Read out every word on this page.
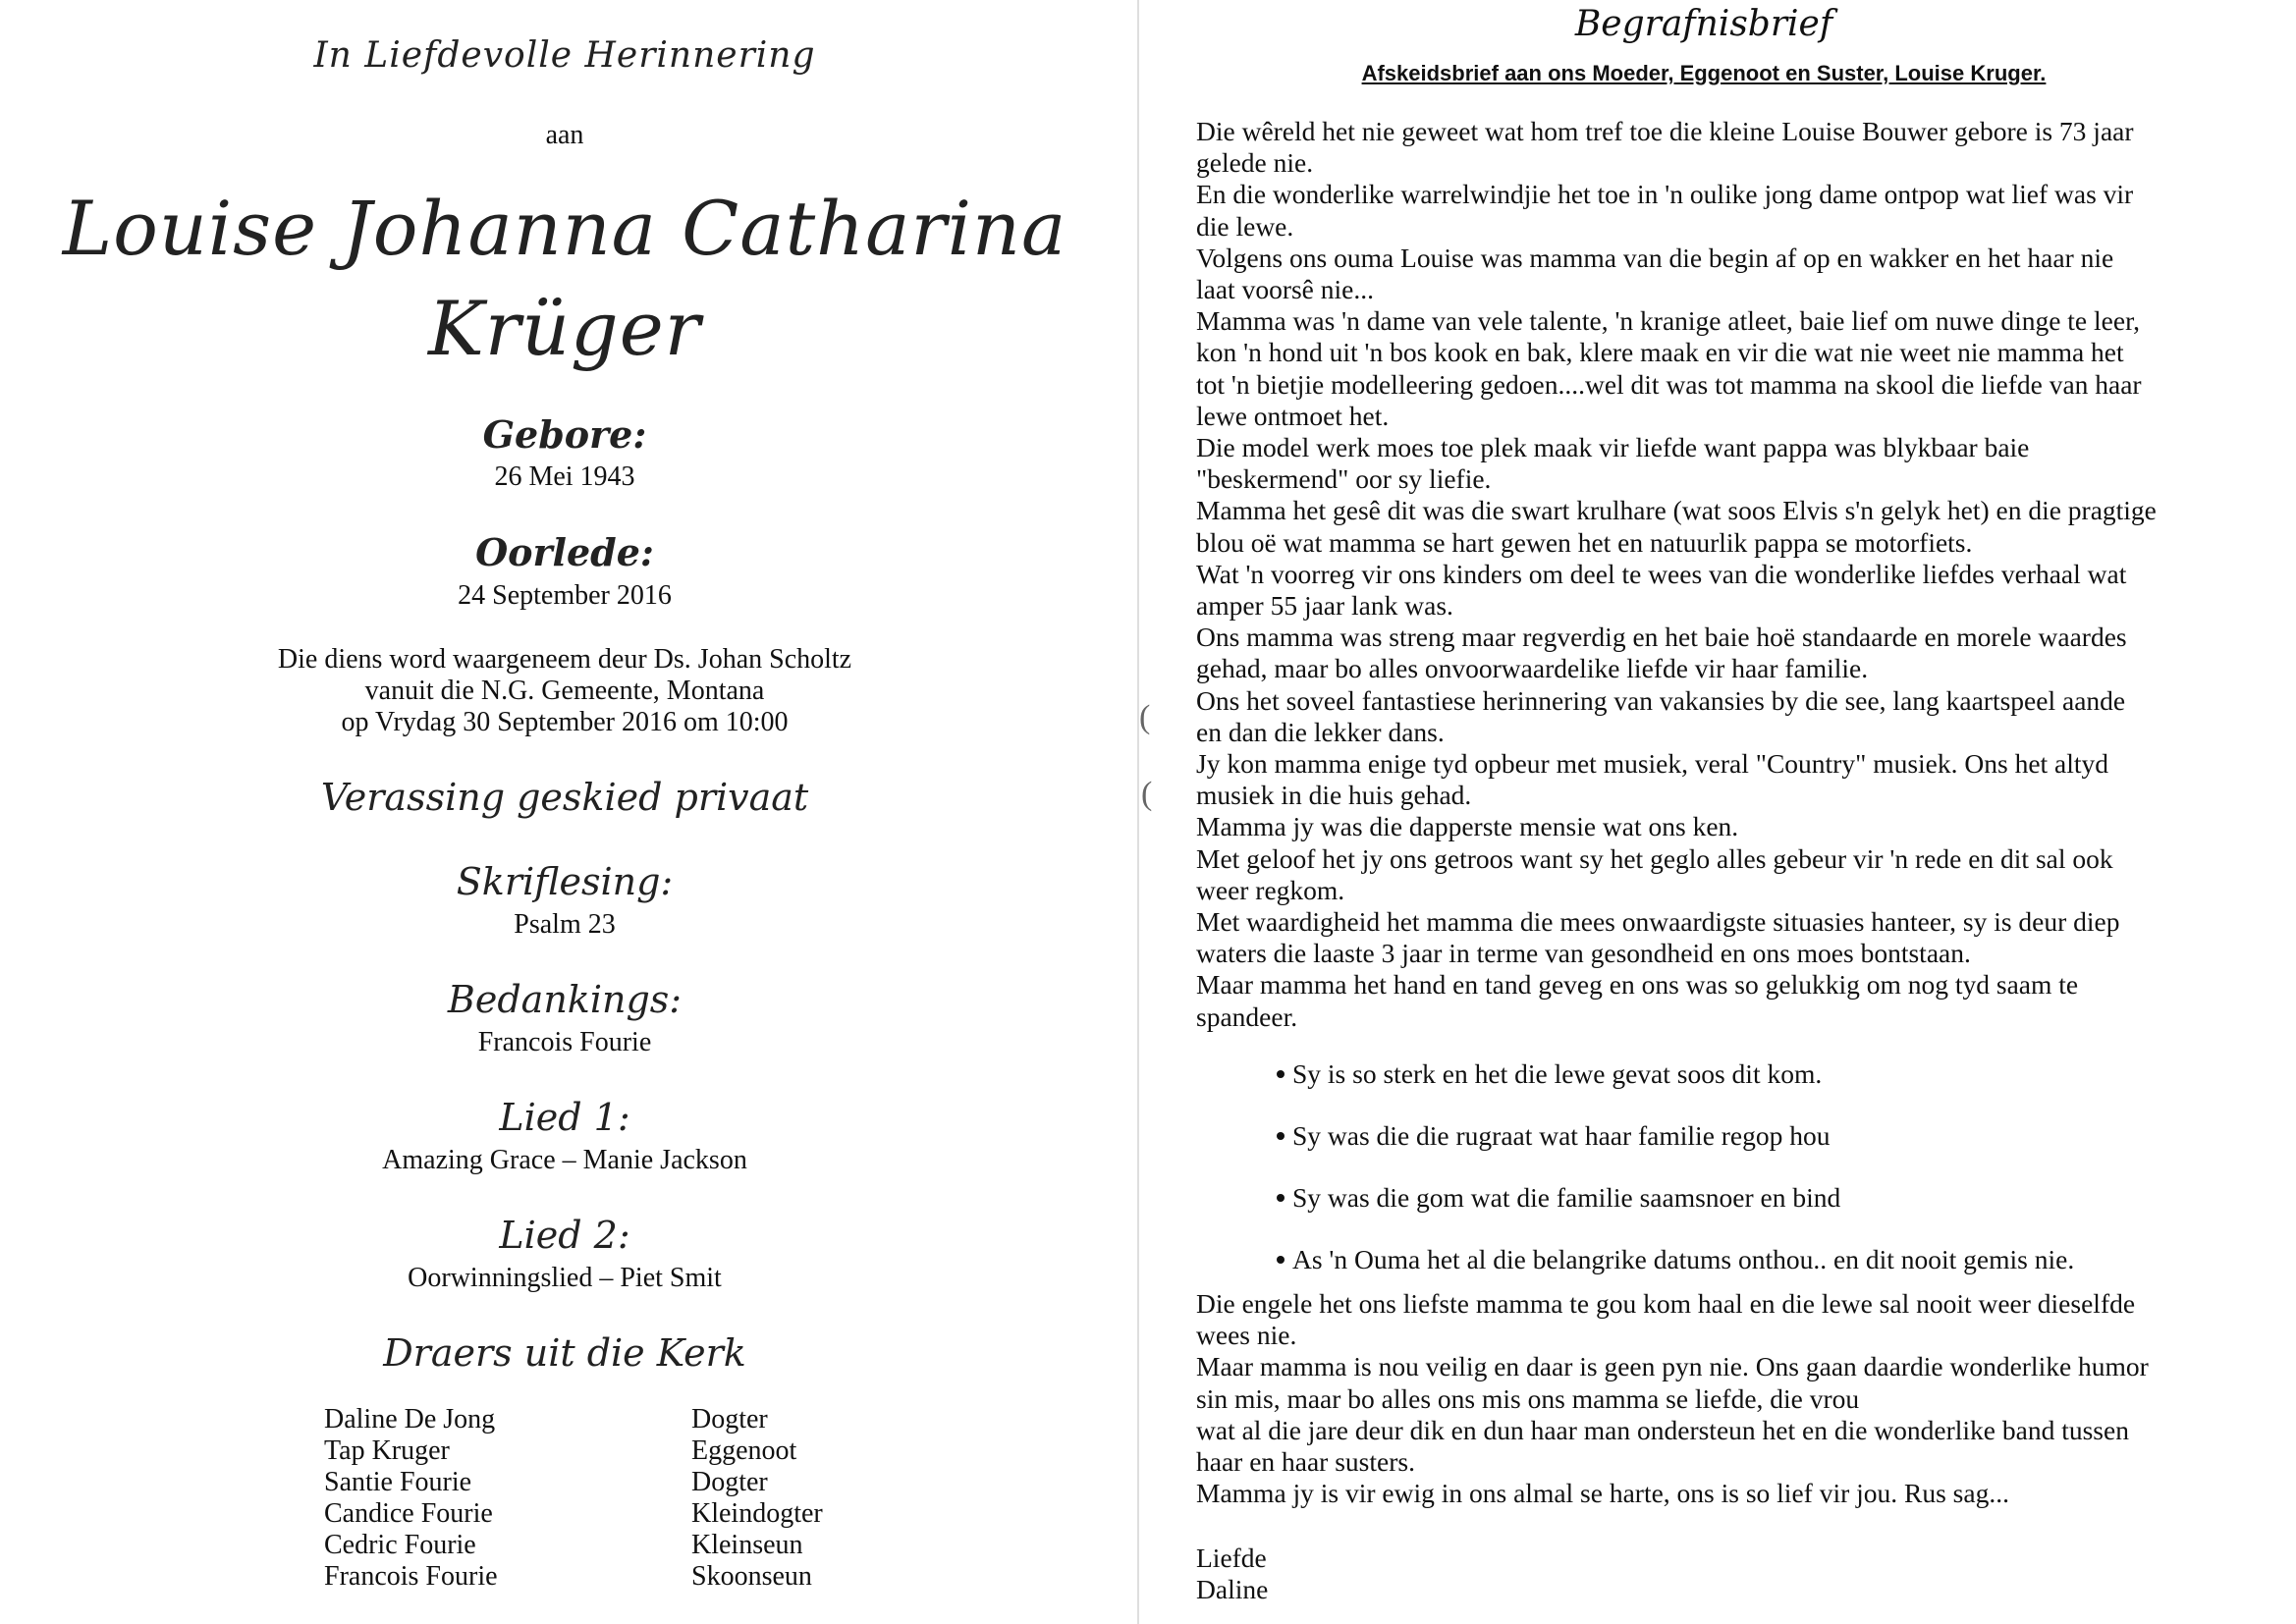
In Liefdevolle Herinnering
aan
Louise Johanna Catharina
Krüger
Gebore:
26 Mei 1943
Oorlede:
24 September 2016
Die diens word waargeneem deur Ds. Johan Scholtz
vanuit die N.G. Gemeente, Montana
op Vrydag 30 September 2016 om 10:00
Verassing geskied privaat
Skriflesing:
Psalm 23
Bedankings:
Francois Fourie
Lied 1:
Amazing Grace – Manie Jackson
Lied 2:
Oorwinningslied – Piet Smit
Draers uit die Kerk
Daline De Jong	Dogter
Tap Kruger	Eggenoot
Santie Fourie	Dogter
Candice Fourie	Kleindogter
Cedric Fourie	Kleinseun
Francois Fourie	Skoonseun
Begrafnisbrief
Afskeidsbrief aan ons Moeder, Eggenoot en Suster, Louise Kruger.

Die wêreld het nie geweet wat hom tref toe die kleine Louise Bouwer gebore is 73 jaar

gelede nie.

En die wonderlike warrelwindjie het toe in 'n oulike jong dame ontpop wat lief was vir

die lewe.

Volgens ons ouma Louise was mamma van die begin af op en wakker en het haar nie

laat voorsê nie...

Mamma was 'n dame van vele talente, 'n kranige atleet, baie lief om nuwe dinge te leer,

kon 'n hond uit 'n bos kook en bak, klere maak en vir die wat nie weet nie mamma het

tot 'n bietjie modelleering gedoen....wel dit was tot mamma na skool die liefde van haar

lewe ontmoet het.

Die model werk moes toe plek maak vir liefde want pappa was blykbaar baie

"beskermend" oor sy liefie.

Mamma het gesê dit was die swart krulhare (wat soos Elvis s'n gelyk het) en die pragtige

blou oë wat mamma se hart gewen het en natuurlik pappa se motorfiets.

Wat 'n voorreg vir ons kinders om deel te wees van die wonderlike liefdes verhaal wat

amper 55 jaar lank was.

Ons mamma was streng maar regverdig en het baie hoë standaarde en morele waardes

gehad, maar bo alles onvoorwaardelike liefde vir haar familie.

Ons het soveel fantastiese herinnering van vakansies by die see, lang kaartspeel aande

en dan die lekker dans.

Jy kon mamma enige tyd opbeur met musiek, veral "Country" musiek. Ons het altyd

musiek in die huis gehad.

Mamma jy was die dapperste mensie wat ons ken.

Met geloof het jy ons getroos want sy het geglo alles gebeur vir 'n rede en dit sal ook

weer regkom.

Met waardigheid het mamma die mees onwaardigste situasies hanteer, sy is deur diep

waters die laaste 3 jaar in terme van gesondheid en ons moes bontstaan.

Maar mamma het hand en tand geveg en ons was so gelukkig om nog tyd saam te

spandeer.

Sy is so sterk en het die lewe gevat soos dit kom.
Sy was die die rugraat wat haar familie regop hou
Sy was die gom wat die familie saamsnoer en bind
As 'n Ouma het al die belangrike datums onthou.. en dit nooit gemis nie.

Die engele het ons liefste mamma te gou kom haal en die lewe sal nooit weer dieselfde

wees nie.

Maar mamma is nou veilig en daar is geen pyn nie. Ons gaan daardie wonderlike humor

sin mis, maar bo alles ons mis ons mamma se liefde, die vrou

wat al die jare deur dik en dun haar man ondersteun het en die wonderlike band tussen

haar en haar susters.

Mamma jy is vir ewig in ons almal se harte, ons is so lief vir jou. Rus sag...

Liefde
Daline
(
(
